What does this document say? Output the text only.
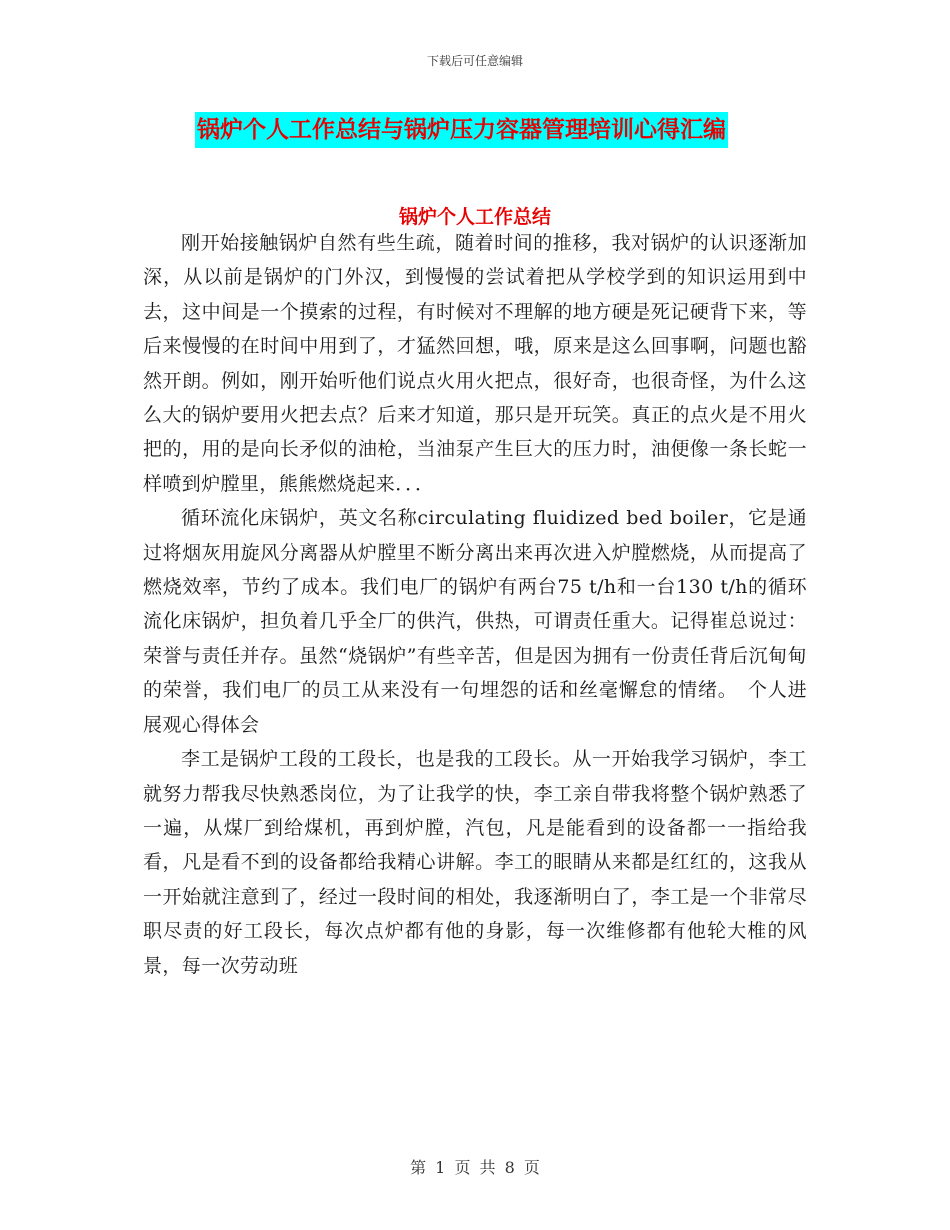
下载后可任意编辑
锅炉个人工作总结与锅炉压力容器管理培训心得汇编
锅炉个人工作总结

刚开始接触锅炉自然有些生疏，随着时间的推移，我对锅炉的认识逐渐加深，从以前是锅炉的门外汉，到慢慢的尝试着把从学校学到的知识运用到中去，这中间是一个摸索的过程，有时候对不理解的地方硬是死记硬背下来，等后来慢慢的在时间中用到了，才猛然回想，哦，原来是这么回事啊，问题也豁然开朗。例如，刚开始听他们说点火用火把点，很好奇，也很奇怪，为什么这么大的锅炉要用火把去点？后来才知道，那只是开玩笑。真正的点火是不用火把的，用的是向长矛似的油枪，当油泵产生巨大的压力时，油便像一条长蛇一样喷到炉膛里，熊熊燃烧起来．．．

循环流化床锅炉，英文名称circulating fluidized bed boiler，它是通过将烟灰用旋风分离器从炉膛里不断分离出来再次进入炉膛燃烧，从而提高了燃烧效率，节约了成本。我们电厂的锅炉有两台75 t/h和一台130 t/h的循环流化床锅炉，担负着几乎全厂的供汽，供热，可谓责任重大。记得崔总说过：荣誉与责任并存。虽然“烧锅炉”有些辛苦，但是因为拥有一份责任背后沉甸甸的荣誉，我们电厂的员工从来没有一句埋怨的话和丝毫懈怠的情绪。　个人进展观心得体会

李工是锅炉工段的工段长，也是我的工段长。从一开始我学习锅炉，李工就努力帮我尽快熟悉岗位，为了让我学的快，李工亲自带我将整个锅炉熟悉了一遍，从煤厂到给煤机，再到炉膛，汽包，凡是能看到的设备都一一指给我看，凡是看不到的设备都给我精心讲解。李工的眼睛从来都是红红的，这我从一开始就注意到了，经过一段时间的相处，我逐渐明白了，李工是一个非常尽职尽责的好工段长，每次点炉都有他的身影，每一次维修都有他轮大椎的风景，每一次劳动班

第 1 页 共 8 页
